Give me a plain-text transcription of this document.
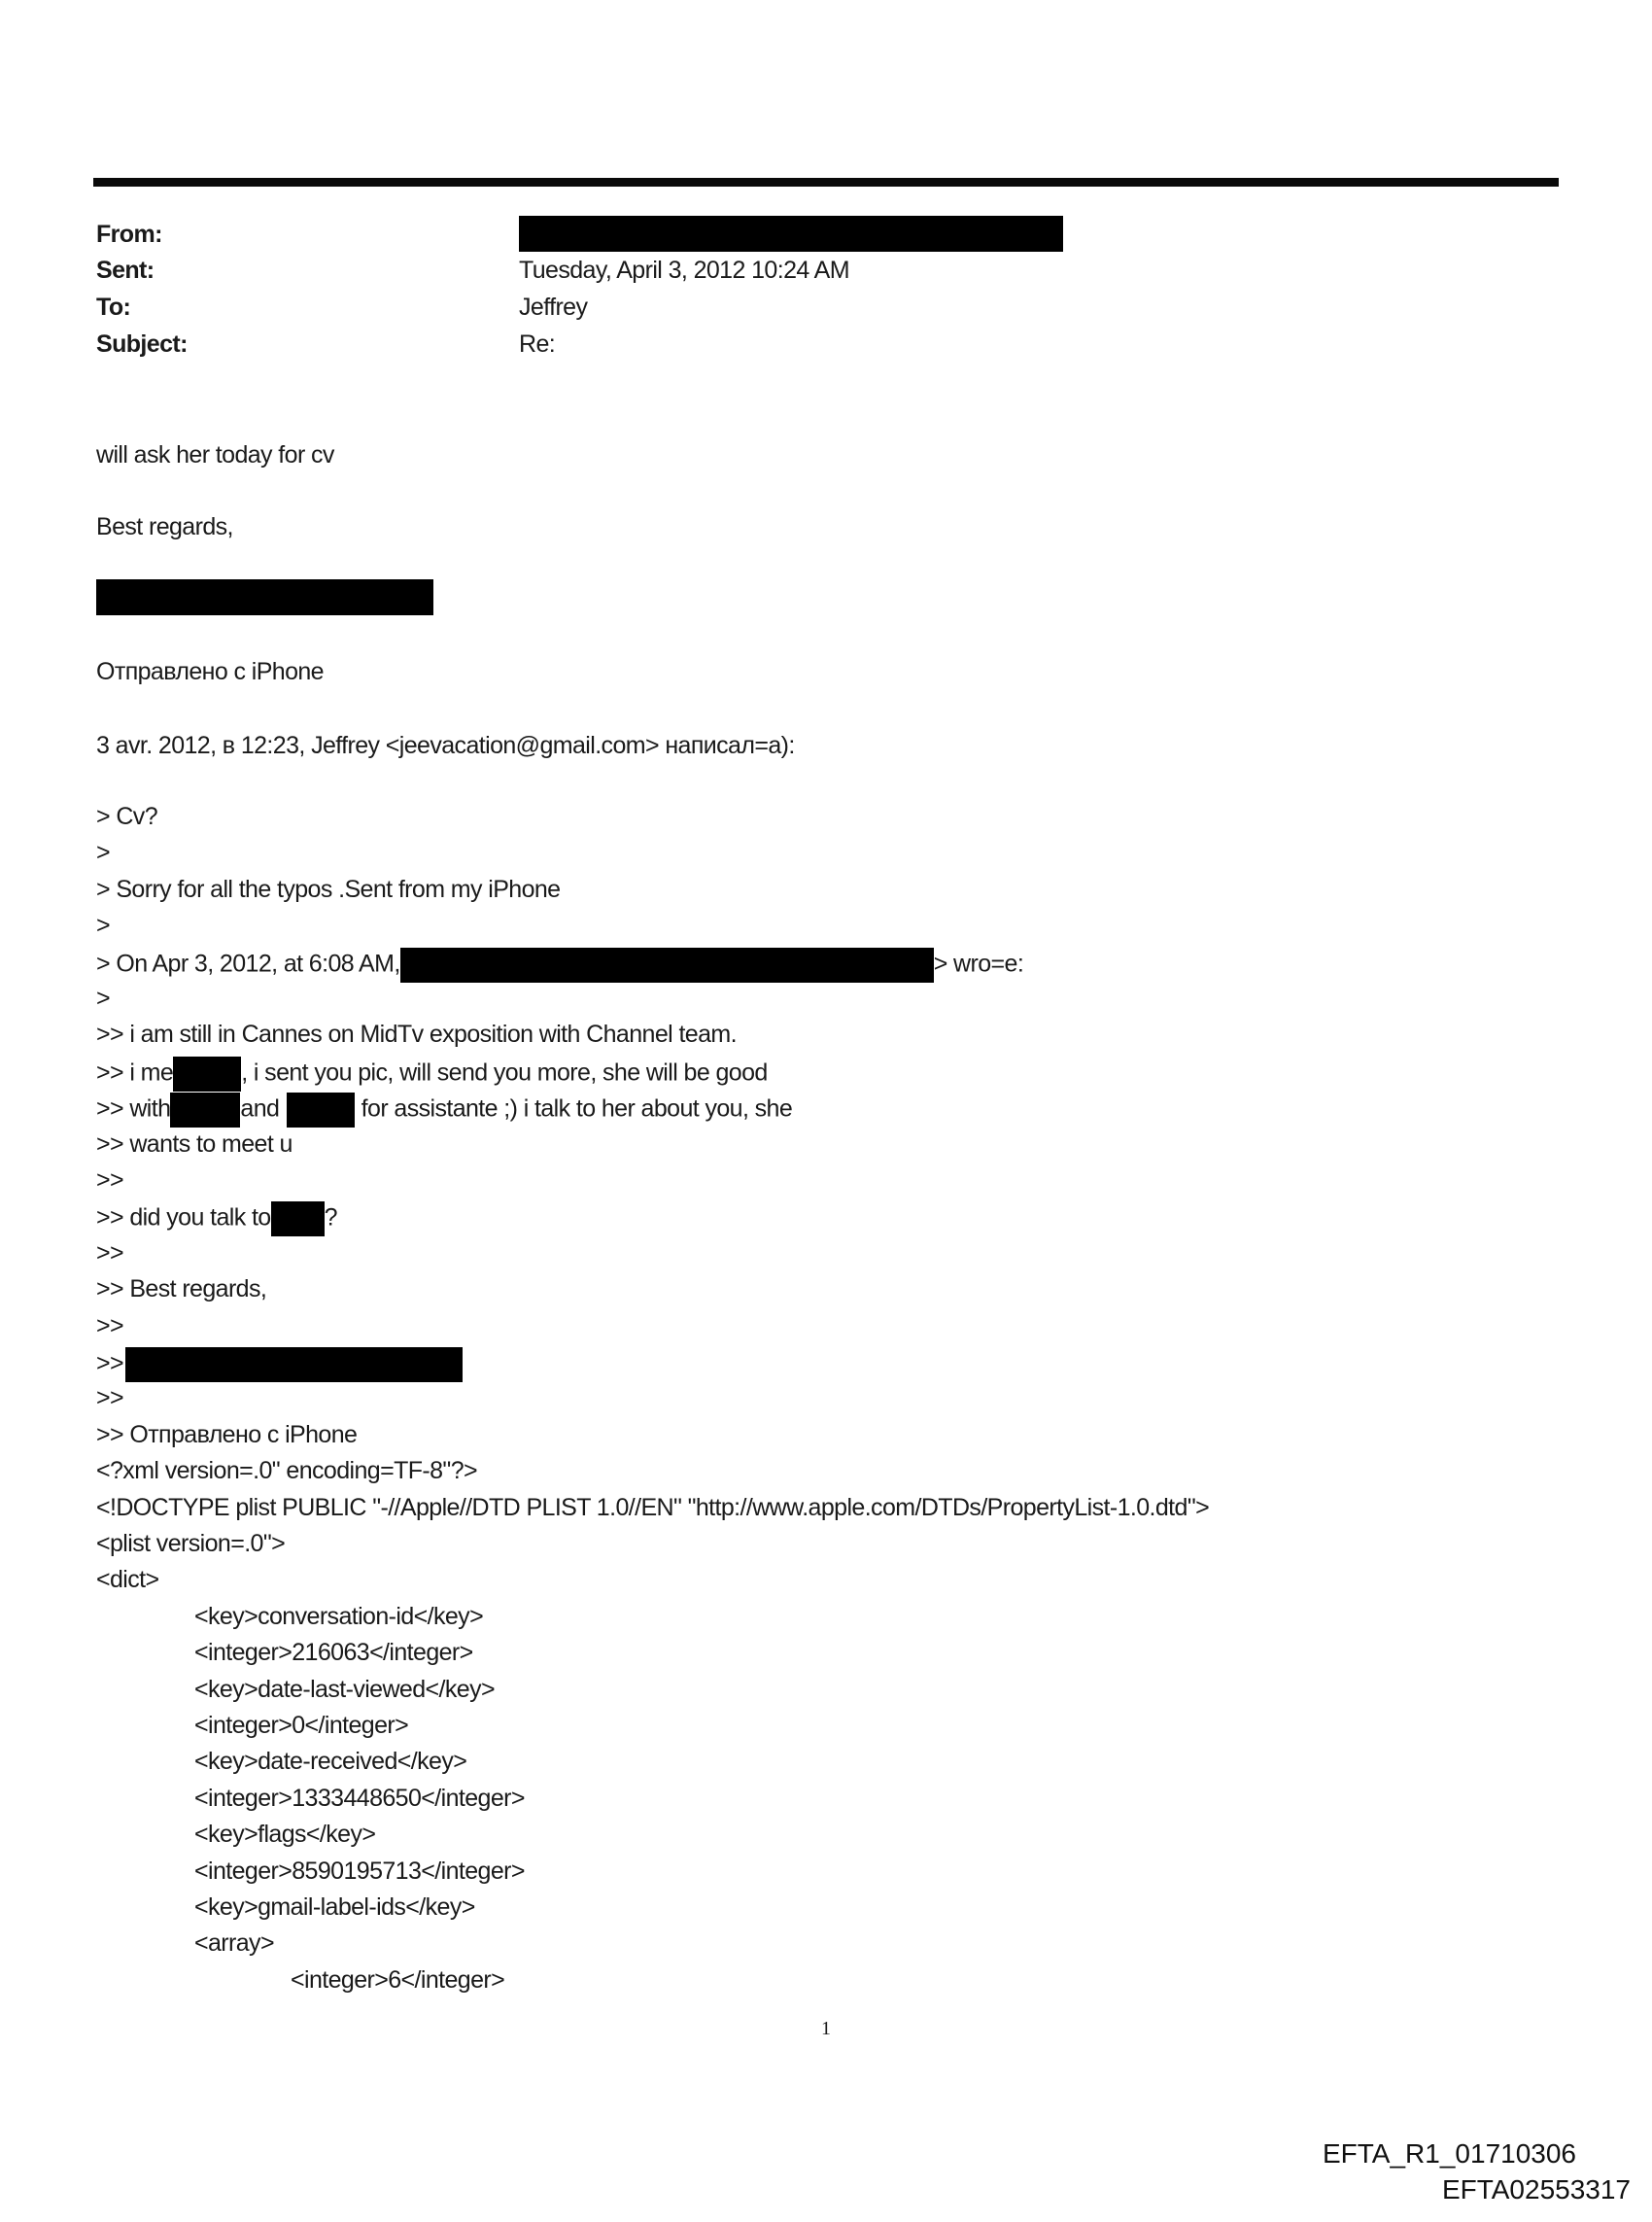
From:
Sent:	Tuesday, April 3, 2012 10:24 AM
To:	Jeffrey
Subject:	Re:
will ask her today for cv
Best regards,
Отправлено с iPhone
3 avr. 2012, в 12:23, Jeffrey <jeevacation@gmail.com> написал=а):
> Cv?
>
> Sorry for all the typos .Sent from my iPhone
>
> On Apr 3, 2012, at 6:08 AM,	> wro=e:
>
>> i am still in Cannes on MidTv exposition with Channel team.
>> i me	, i sent you pic, will send you more, she will be good
>> with	and	for assistante ;) i talk to her about you, she
>> wants to meet u
>>
>> did you talk to ?
>>
>> Best regards,
>>
>>
>>
>> Отправлено с iPhone
<?xml version=.0" encoding=TF-8"?>
<!DOCTYPE plist PUBLIC "-//Apple//DTD PLIST 1.0//EN" "http://www.apple.com/DTDs/PropertyList-1.0.dtd">
<plist version=.0">
<dict>
<key>conversation-id</key>
<integer>216063</integer>
<key>date-last-viewed</key>
<integer>0</integer>
<key>date-received</key>
<integer>1333448650</integer>
<key>flags</key>
<integer>8590195713</integer>
<key>gmail-label-ids</key>
<array>
<integer>6</integer>
1
EFTA_R1_01710306
EFTA02553317
